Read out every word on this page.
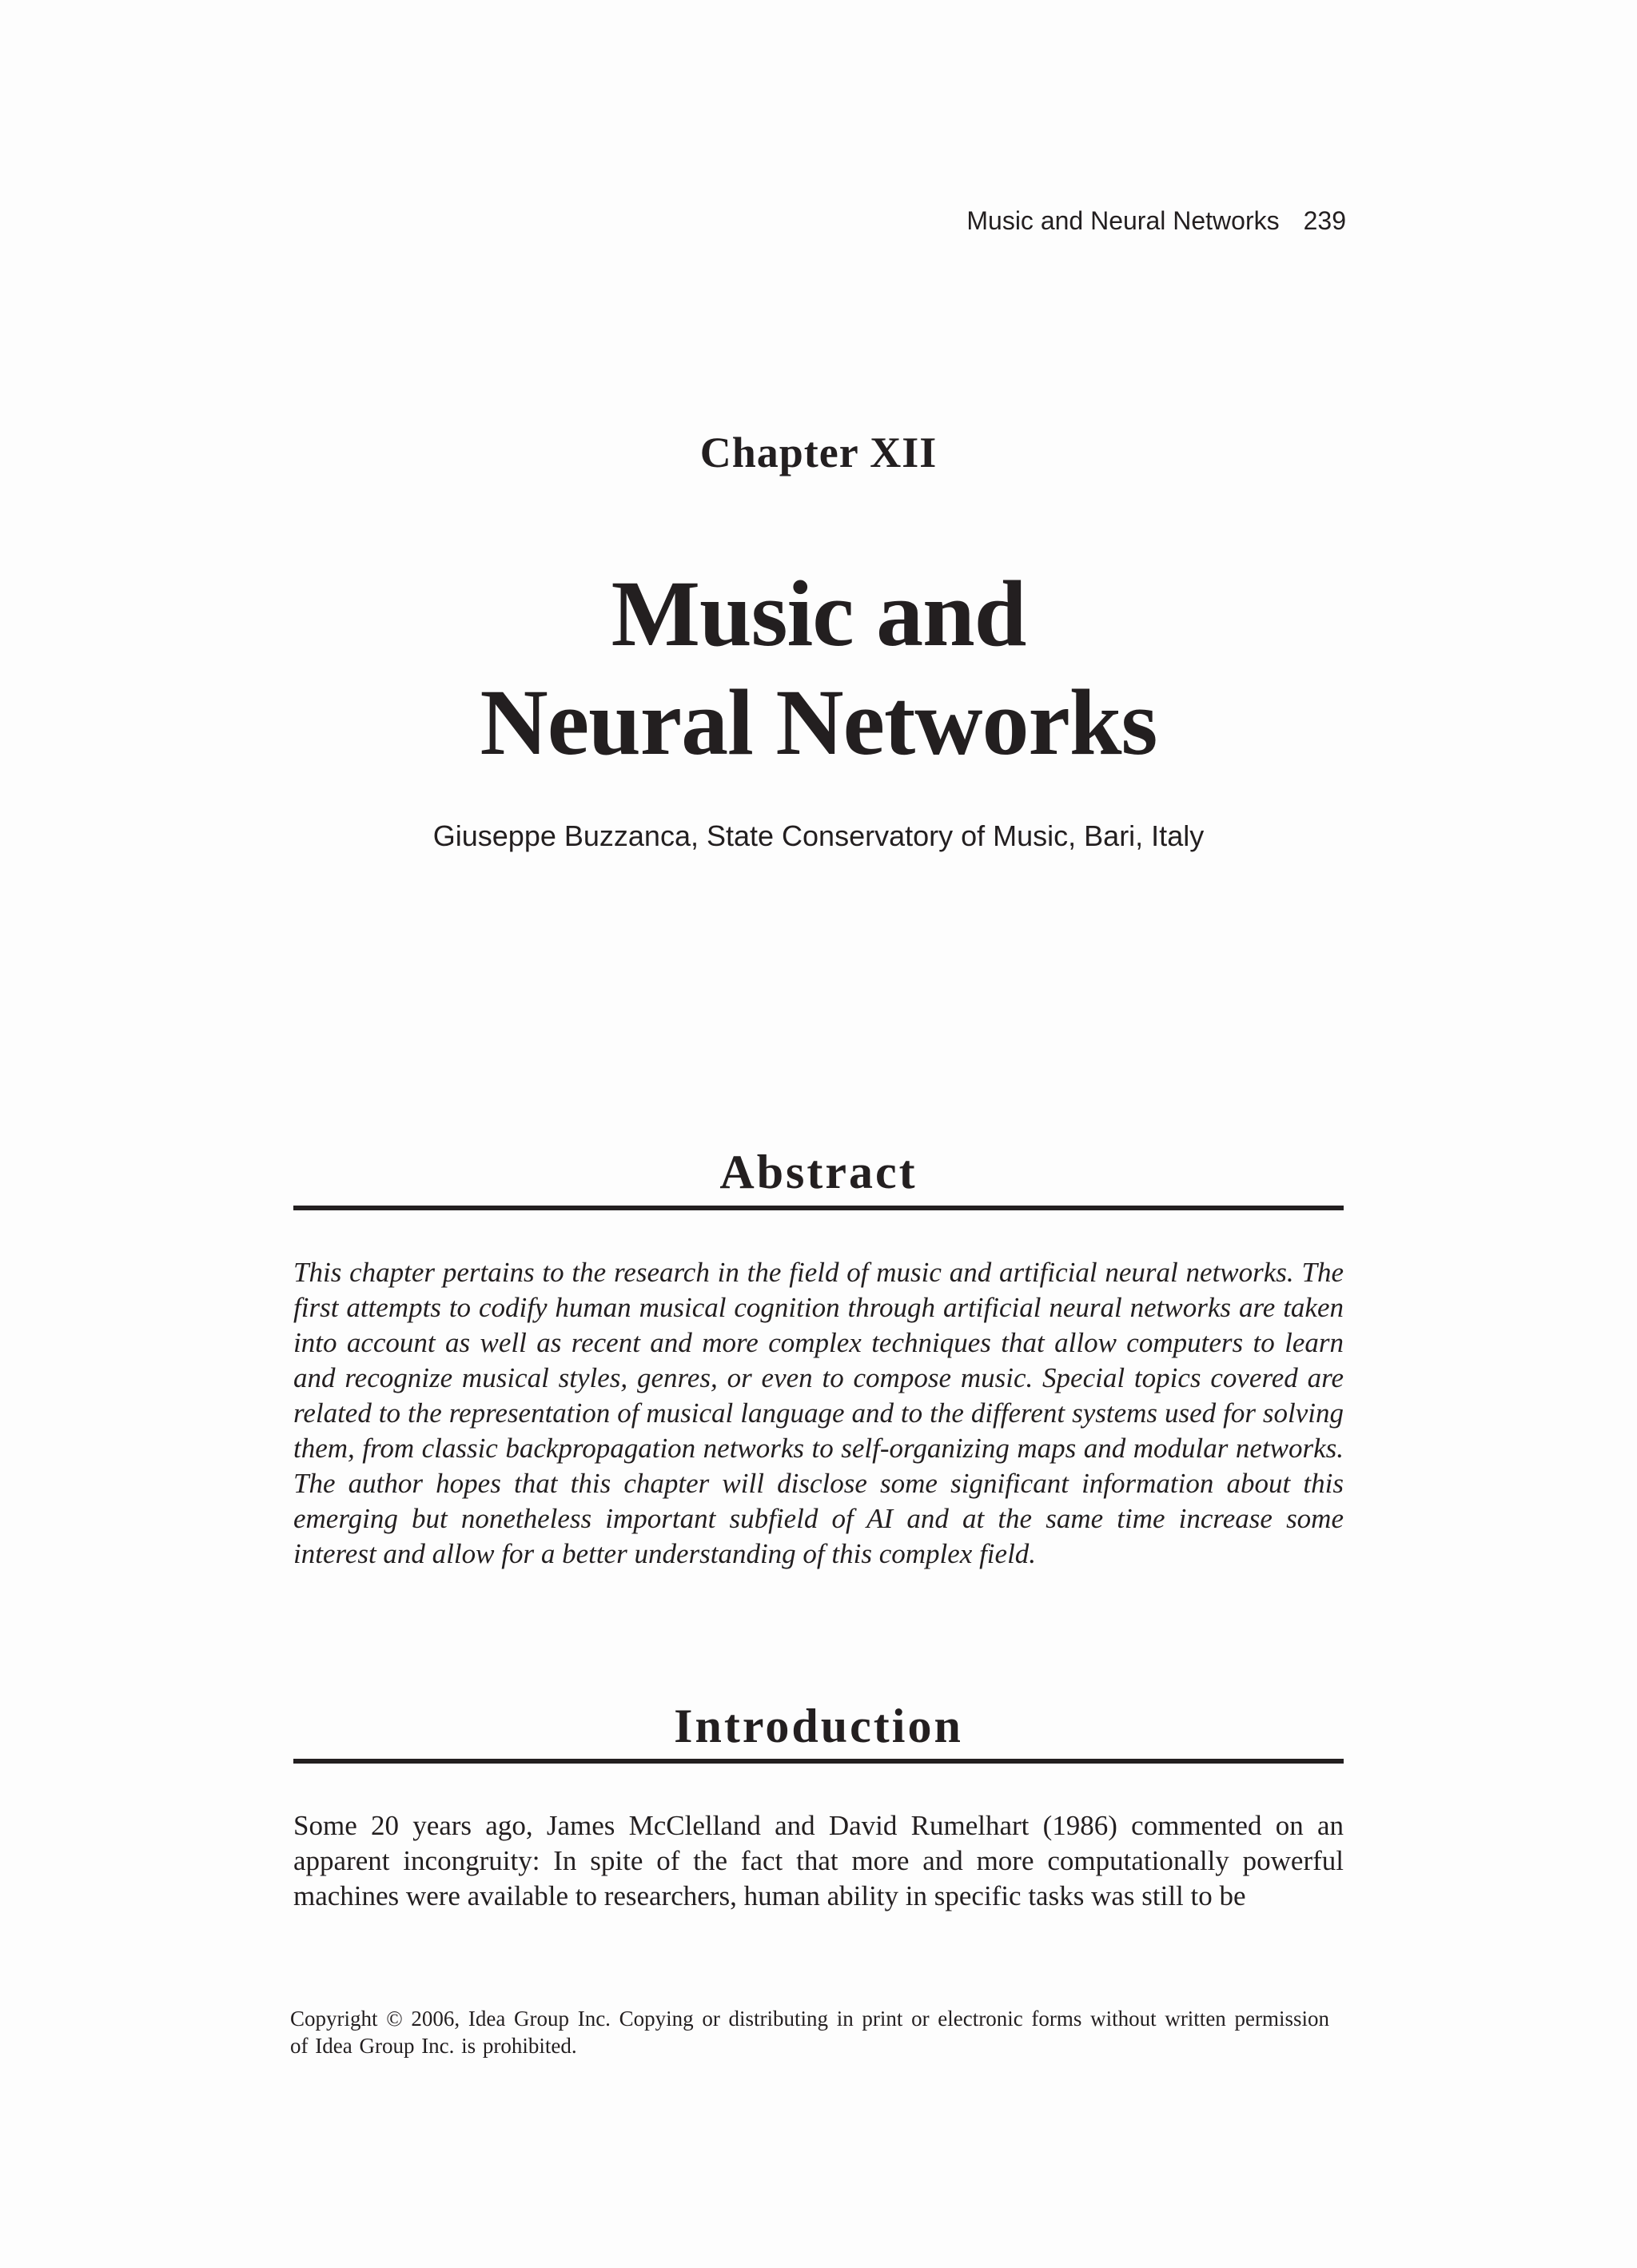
Music and Neural Networks 239
Chapter XII
Music and
Neural Networks
Giuseppe Buzzanca, State Conservatory of Music, Bari, Italy
Abstract
This chapter pertains to the research in the field of music and artificial neural networks. The first attempts to codify human musical cognition through artificial neural networks are taken into account as well as recent and more complex techniques that allow computers to learn and recognize musical styles, genres, or even to compose music. Special topics covered are related to the representation of musical language and to the different systems used for solving them, from classic backpropagation networks to self-organizing maps and modular networks. The author hopes that this chapter will disclose some significant information about this emerging but nonetheless important subfield of AI and at the same time increase some interest and allow for a better understanding of this complex field.
Introduction
Some 20 years ago, James McClelland and David Rumelhart (1986) commented on an apparent incongruity: In spite of the fact that more and more computationally powerful machines were available to researchers, human ability in specific tasks was still to be
Copyright © 2006, Idea Group Inc. Copying or distributing in print or electronic forms without written permission of Idea Group Inc. is prohibited.
